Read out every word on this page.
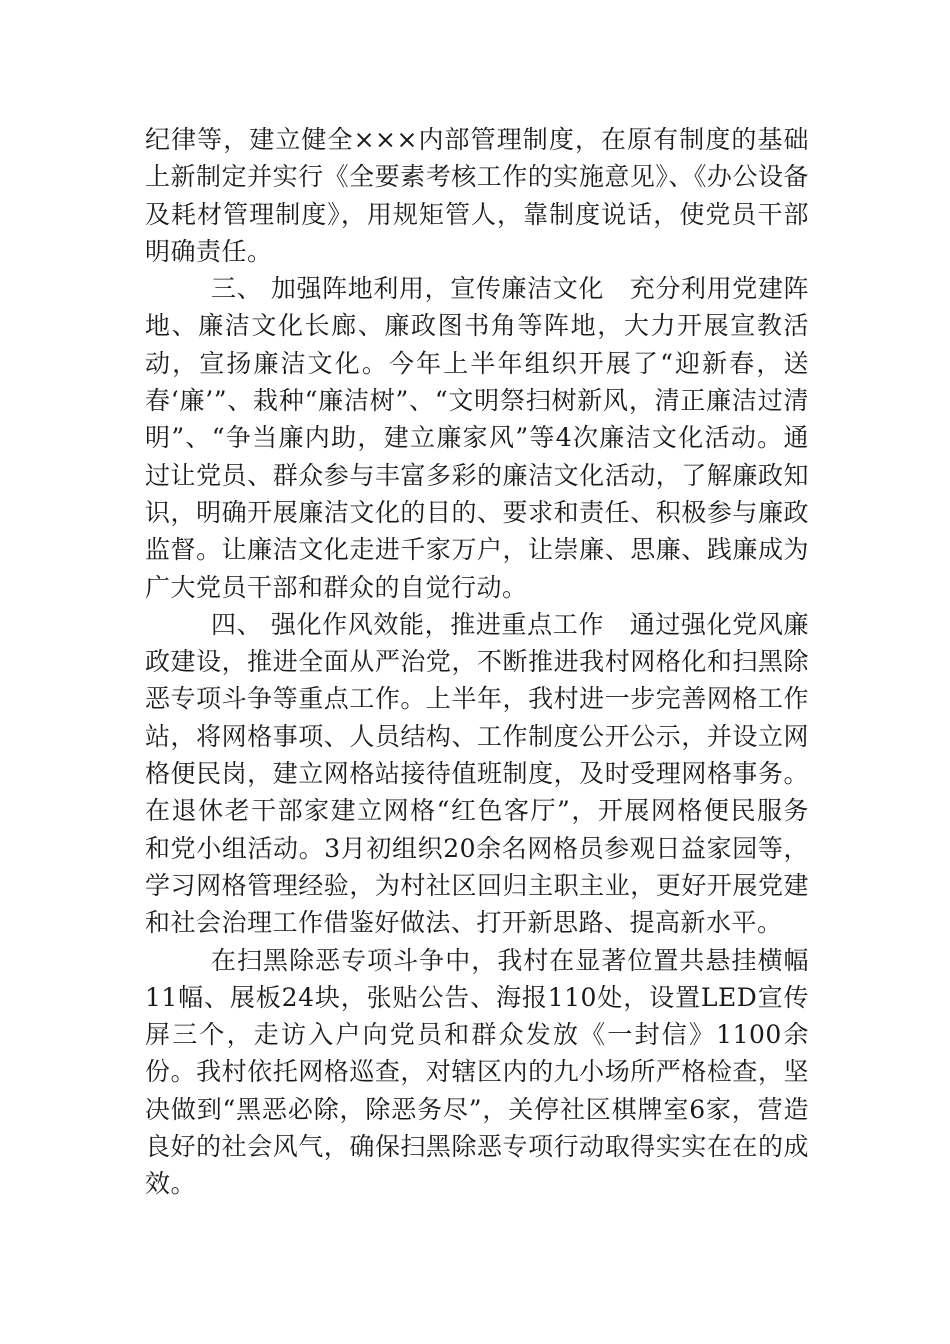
纪律等，建立健全×××内部管理制度，在原有制度的基础上新制定并实行《全要素考核工作的实施意见》、《办公设备及耗材管理制度》，用规矩管人，靠制度说话，使党员干部明确责任。

三、 加强阵地利用，宣传廉洁文化　充分利用党建阵地、廉洁文化长廊、廉政图书角等阵地，大力开展宣教活动，宣扬廉洁文化。今年上半年组织开展了“迎新春，送春‘廉’”、栽种“廉洁树”、“文明祭扫树新风，清正廉洁过清明”、“争当廉内助，建立廉家风”等4次廉洁文化活动。通过让党员、群众参与丰富多彩的廉洁文化活动，了解廉政知识，明确开展廉洁文化的目的、要求和责任、积极参与廉政监督。让廉洁文化走进千家万户，让崇廉、思廉、践廉成为广大党员干部和群众的自觉行动。

四、 强化作风效能，推进重点工作　通过强化党风廉政建设，推进全面从严治党，不断推进我村网格化和扫黑除恶专项斗争等重点工作。上半年，我村进一步完善网格工作站，将网格事项、人员结构、工作制度公开公示，并设立网格便民岗，建立网格站接待值班制度，及时受理网格事务。在退休老干部家建立网格“红色客厅”，开展网格便民服务和党小组活动。3月初组织20余名网格员参观日益家园等，学习网格管理经验，为村社区回归主职主业，更好开展党建和社会治理工作借鉴好做法、打开新思路、提高新水平。

在扫黑除恶专项斗争中，我村在显著位置共悬挂横幅11幅、展板24块，张贴公告、海报110处，设置LED宣传屏三个，走访入户向党员和群众发放《一封信》1100余份。我村依托网格巡查，对辖区内的九小场所严格检查，坚决做到“黑恶必除，除恶务尽”，关停社区棋牌室6家，营造良好的社会风气，确保扫黑除恶专项行动取得实实在在的成效。
